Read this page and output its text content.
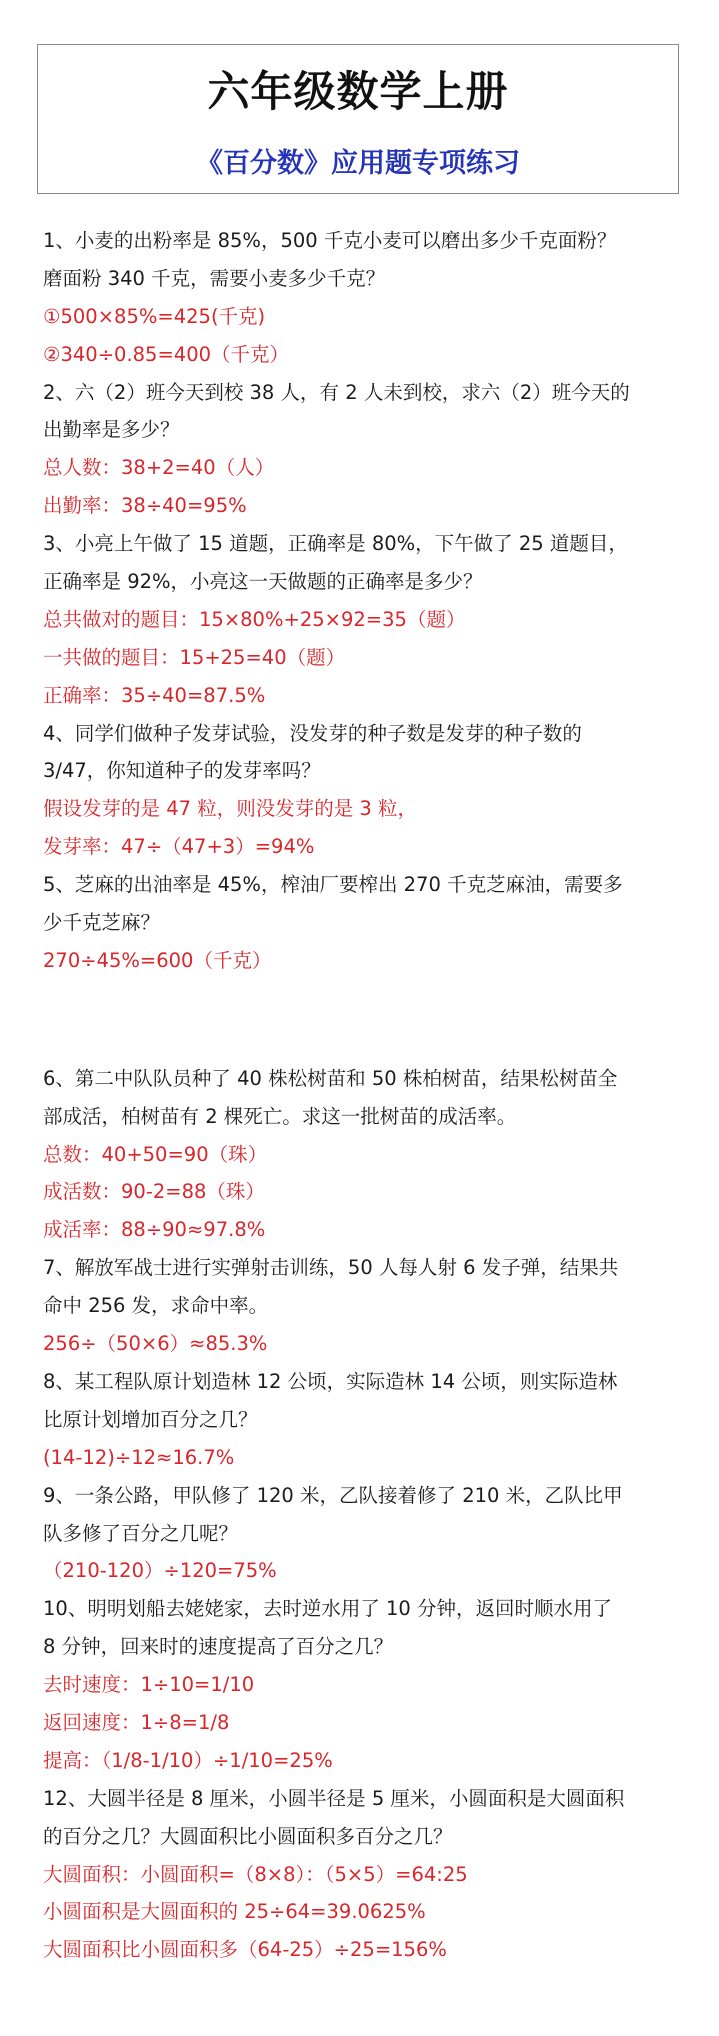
六年级数学上册
《百分数》应用题专项练习
1、小麦的出粉率是 85%，500 千克小麦可以磨出多少千克面粉？
磨面粉 340 千克，需要小麦多少千克？
①500×85%=425(千克)
②340÷0.85=400（千克）
2、六（2）班今天到校 38 人，有 2 人未到校，求六（2）班今天的
出勤率是多少？
总人数：38+2=40（人）
出勤率：38÷40=95%
3、小亮上午做了 15 道题，正确率是 80%，下午做了 25 道题目，
正确率是 92%，小亮这一天做题的正确率是多少？
总共做对的题目：15×80%+25×92=35（题）
一共做的题目：15+25=40（题）
正确率：35÷40=87.5%
4、同学们做种子发芽试验，没发芽的种子数是发芽的种子数的
3/47，你知道种子的发芽率吗？
假设发芽的是 47 粒，则没发芽的是 3 粒，
发芽率：47÷（47+3）=94%
5、芝麻的出油率是 45%，榨油厂要榨出 270 千克芝麻油，需要多
少千克芝麻？
270÷45%=600（千克）
6、第二中队队员种了 40 株松树苗和 50 株柏树苗，结果松树苗全
部成活，柏树苗有 2 棵死亡。求这一批树苗的成活率。
总数：40+50=90（珠）
成活数：90-2=88（珠）
成活率：88÷90≈97.8%
7、解放军战士进行实弹射击训练，50 人每人射 6 发子弹，结果共
命中 256 发，求命中率。
256÷（50×6）≈85.3%
8、某工程队原计划造林 12 公顷，实际造林 14 公顷，则实际造林
比原计划增加百分之几？
(14-12)÷12≈16.7%
9、一条公路，甲队修了 120 米，乙队接着修了 210 米，乙队比甲
队多修了百分之几呢？
（210-120）÷120=75%
10、明明划船去姥姥家，去时逆水用了 10 分钟，返回时顺水用了
8 分钟，回来时的速度提高了百分之几？
去时速度：1÷10=1/10
返回速度：1÷8=1/8
提高：（1/8-1/10）÷1/10=25%
12、大圆半径是 8 厘米，小圆半径是 5 厘米，小圆面积是大圆面积
的百分之几？大圆面积比小圆面积多百分之几？
大圆面积：小圆面积=（8×8）：（5×5）=64:25
小圆面积是大圆面积的 25÷64=39.0625%
大圆面积比小圆面积多（64-25）÷25=156%
